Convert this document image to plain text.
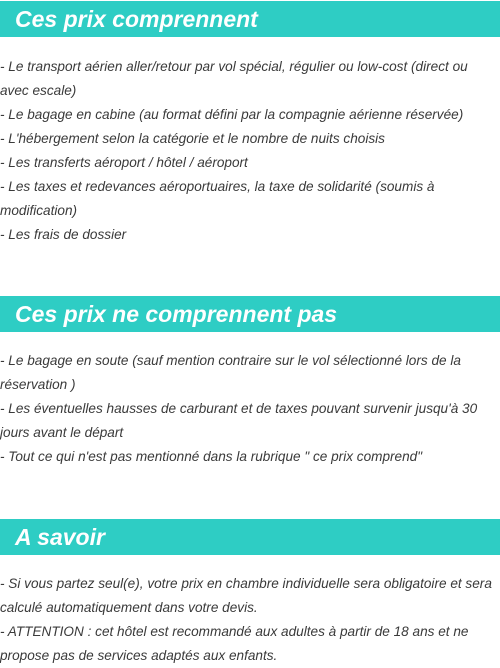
Ces prix comprennent
- Le transport aérien aller/retour par vol spécial, régulier ou low-cost (direct ou avec escale)
- Le bagage en cabine (au format défini par la compagnie aérienne réservée)
- L'hébergement selon la catégorie et le nombre de nuits choisis
- Les transferts aéroport / hôtel / aéroport
- Les taxes et redevances aéroportuaires, la taxe de solidarité (soumis à modification)
- Les frais de dossier
Ces prix ne comprennent pas
- Le bagage en soute (sauf mention contraire sur le vol sélectionné lors de la réservation )
- Les éventuelles hausses de carburant et de taxes pouvant survenir jusqu'à 30 jours avant le départ
- Tout ce qui n'est pas mentionné dans la rubrique " ce prix comprend"
A savoir
- Si vous partez seul(e), votre prix en chambre individuelle sera obligatoire et sera calculé automatiquement dans votre devis.
- ATTENTION : cet hôtel est recommandé aux adultes à partir de 18 ans et ne propose pas de services adaptés aux enfants.
